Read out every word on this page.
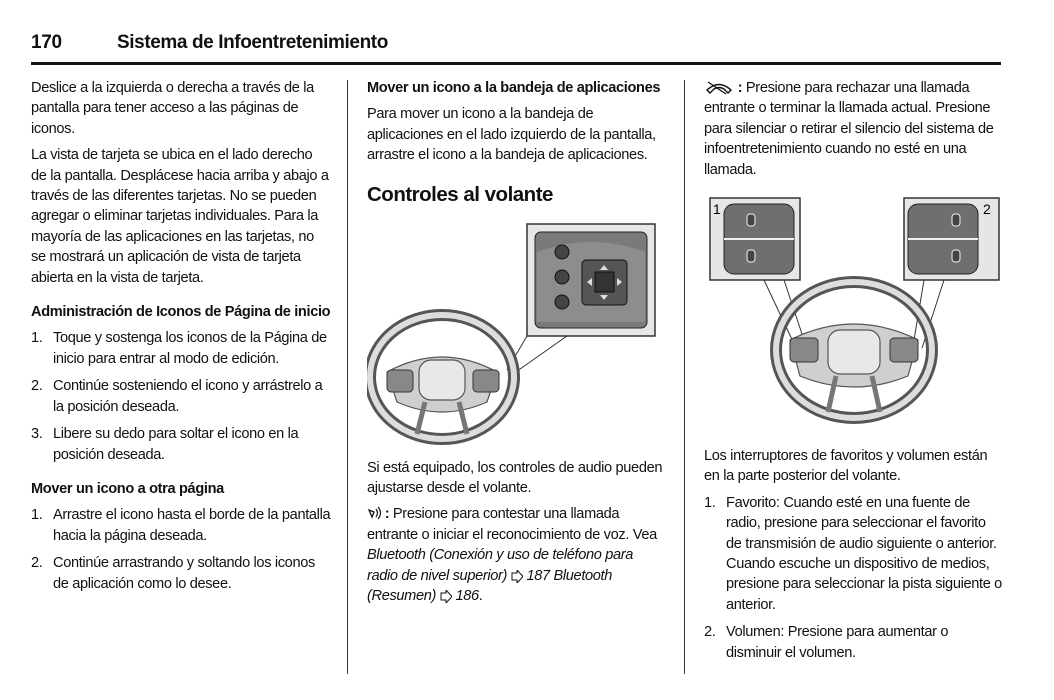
170	Sistema de Infoentretenimiento

Deslice a la izquierda o derecha a través de la pantalla para tener acceso a las páginas de iconos.

La vista de tarjeta se ubica en el lado derecho de la pantalla. Desplácese hacia arriba y abajo a través de las diferentes tarjetas. No se pueden agregar o eliminar tarjetas individuales. Para la mayoría de las aplicaciones en las tarjetas, no se mostrará un aplicación de vista de tarjeta abierta en la vista de tarjeta.

Administración de Iconos de Página de inicio

1. Toque y sostenga los iconos de la Página de inicio para entrar al modo de edición.
2. Continúe sosteniendo el icono y arrástrelo a la posición deseada.
3. Libere su dedo para soltar el icono en la posición deseada.

Mover un icono a otra página

1. Arrastre el icono hasta el borde de la pantalla hacia la página deseada.
2. Continúe arrastrando y soltando los iconos de aplicación como lo desee.

Mover un icono a la bandeja de aplicaciones

Para mover un icono a la bandeja de aplicaciones en el lado izquierdo de la pantalla, arrastre el icono a la bandeja de aplicaciones.

Controles al volante

Si está equipado, los controles de audio pueden ajustarse desde el volante.

: Presione para contestar una llamada entrante o iniciar el reconocimiento de voz. Vea Bluetooth (Conexión y uso de teléfono para radio de nivel superior) 187 Bluetooth (Resumen) 186.

: Presione para rechazar una llamada entrante o terminar la llamada actual. Presione para silenciar o retirar el silencio del sistema de infoentretenimiento cuando no esté en una llamada.

1	2

Los interruptores de favoritos y volumen están en la parte posterior del volante.

1. Favorito: Cuando esté en una fuente de radio, presione para seleccionar el favorito de transmisión de audio siguiente o anterior. Cuando escuche un dispositivo de medios, presione para seleccionar la pista siguiente o anterior.
2. Volumen: Presione para aumentar o disminuir el volumen.
